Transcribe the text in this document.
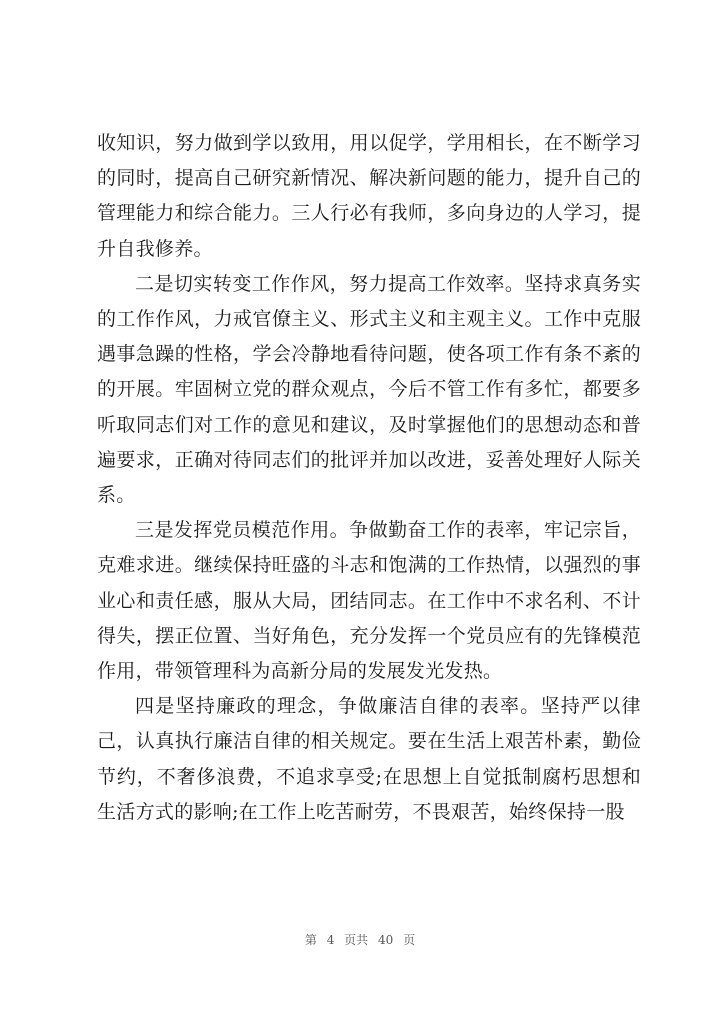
收知识，努力做到学以致用，用以促学，学用相长，在不断学习的同时，提高自己研究新情况、解决新问题的能力，提升自己的管理能力和综合能力。三人行必有我师，多向身边的人学习，提升自我修养。

二是切实转变工作作风，努力提高工作效率。坚持求真务实的工作作风，力戒官僚主义、形式主义和主观主义。工作中克服遇事急躁的性格，学会冷静地看待问题，使各项工作有条不紊的的开展。牢固树立党的群众观点，今后不管工作有多忙，都要多听取同志们对工作的意见和建议，及时掌握他们的思想动态和普遍要求，正确对待同志们的批评并加以改进，妥善处理好人际关系。

三是发挥党员模范作用。争做勤奋工作的表率，牢记宗旨，克难求进。继续保持旺盛的斗志和饱满的工作热情，以强烈的事业心和责任感，服从大局，团结同志。在工作中不求名利、不计得失，摆正位置、当好角色，充分发挥一个党员应有的先锋模范作用，带领管理科为高新分局的发展发光发热。

四是坚持廉政的理念，争做廉洁自律的表率。坚持严以律己，认真执行廉洁自律的相关规定。要在生活上艰苦朴素，勤俭节约，不奢侈浪费，不追求享受;在思想上自觉抵制腐朽思想和生活方式的影响;在工作上吃苦耐劳，不畏艰苦，始终保持一股

第 4 页共 40 页
